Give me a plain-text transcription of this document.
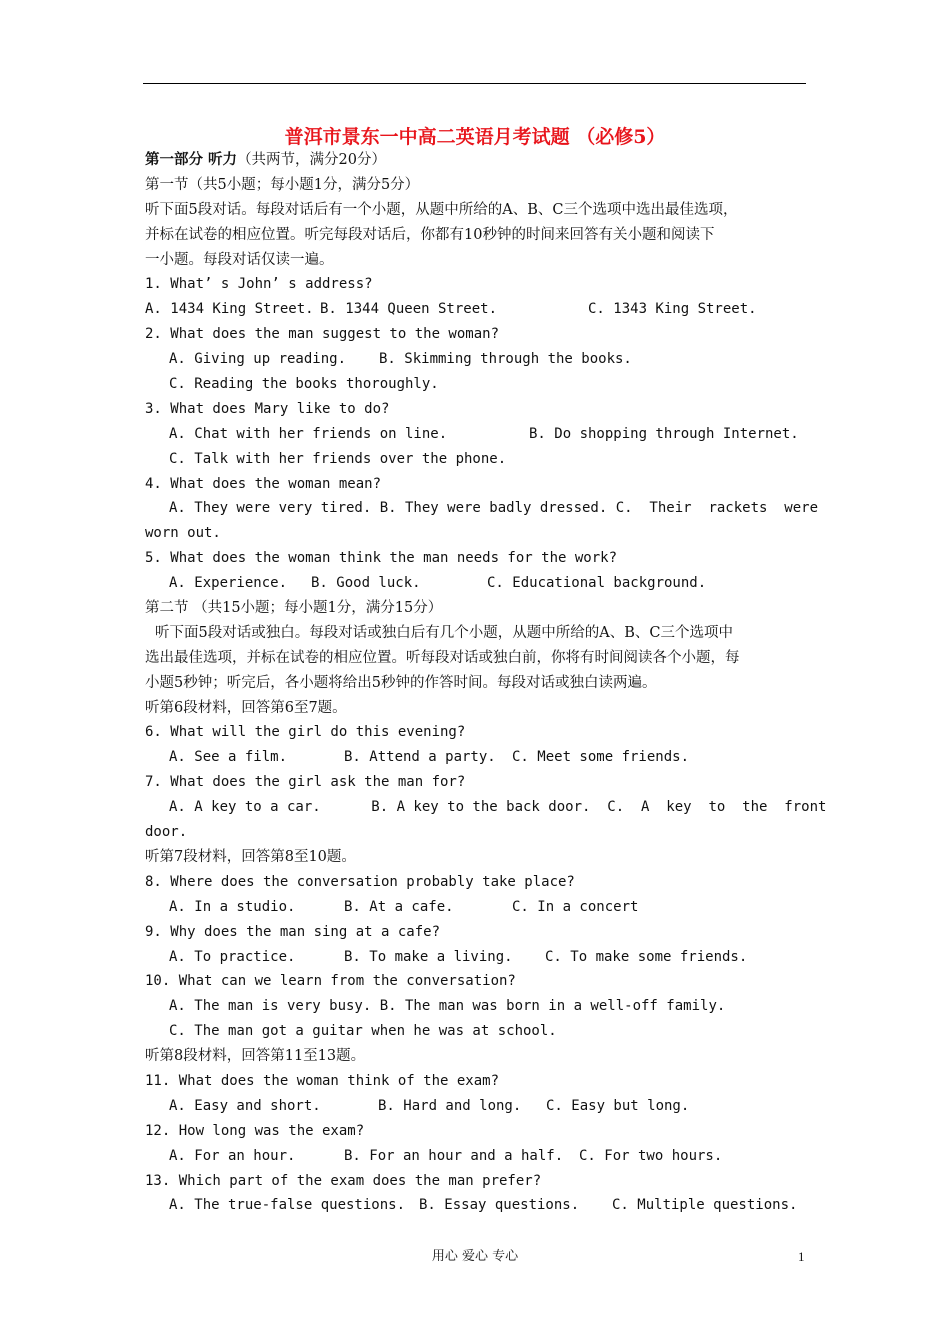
普洱市景东一中高二英语月考试题 （必修5）
第一部分 听力（共两节，满分20分）
第一节（共5小题；每小题1分，满分5分）
听下面5段对话。每段对话后有一个小题，从题中所给的A、B、C三个选项中选出最佳选项，
并标在试卷的相应位置。听完每段对话后，你都有10秒钟的时间来回答有关小题和阅读下
一小题。每段对话仅读一遍。
1. What’ s John’ s address?
A. 1434 King Street. B. 1344 Queen Street.	C. 1343 King Street.
2. What does the man suggest to the woman?
A. Giving up reading. B. Skimming through the books.
C. Reading the books thoroughly.
3. What does Mary like to do?
A. Chat with her friends on line.	B. Do shopping through Internet.
C. Talk with her friends over the phone.
4. What does the woman mean?
A. They were very tired. B. They were badly dressed. C.  Their  rackets  were
worn out.
5. What does the woman think the man needs for the work?
A. Experience. B. Good luck.	C. Educational background.
第二节 （共15小题；每小题1分，满分15分）
听下面5段对话或独白。每段对话或独白后有几个小题，从题中所给的A、B、C三个选项中
选出最佳选项，并标在试卷的相应位置。听每段对话或独白前，你将有时间阅读各个小题，每
小题5秒钟；听完后，各小题将给出5秒钟的作答时间。每段对话或独白读两遍。
听第6段材料，回答第6至7题。
6. What will the girl do this evening?
A. See a film.	B. Attend a party. C. Meet some friends.
7. What does the girl ask the man for?
A. A key to a car.      B. A key to the back door.  C.  A  key  to  the  front
door.
听第7段材料，回答第8至10题。
8. Where does the conversation probably take place?
A. In a studio.	B. At a cafe.	C. In a concert
9. Why does the man sing at a cafe?
A. To practice.	B. To make a living. C. To make some friends.
10. What can we learn from the conversation?
A. The man is very busy. B. The man was born in a well-off family.
C. The man got a guitar when he was at school.
听第8段材料，回答第11至13题。
11. What does the woman think of the exam?
A. Easy and short.	B. Hard and long. C. Easy but long.
12. How long was the exam?
A. For an hour.	B. For an hour and a half. C. For two hours.
13. Which part of the exam does the man prefer?
A. The true-false questions. B. Essay questions. C. Multiple questions.
用心 爱心 专心	1
